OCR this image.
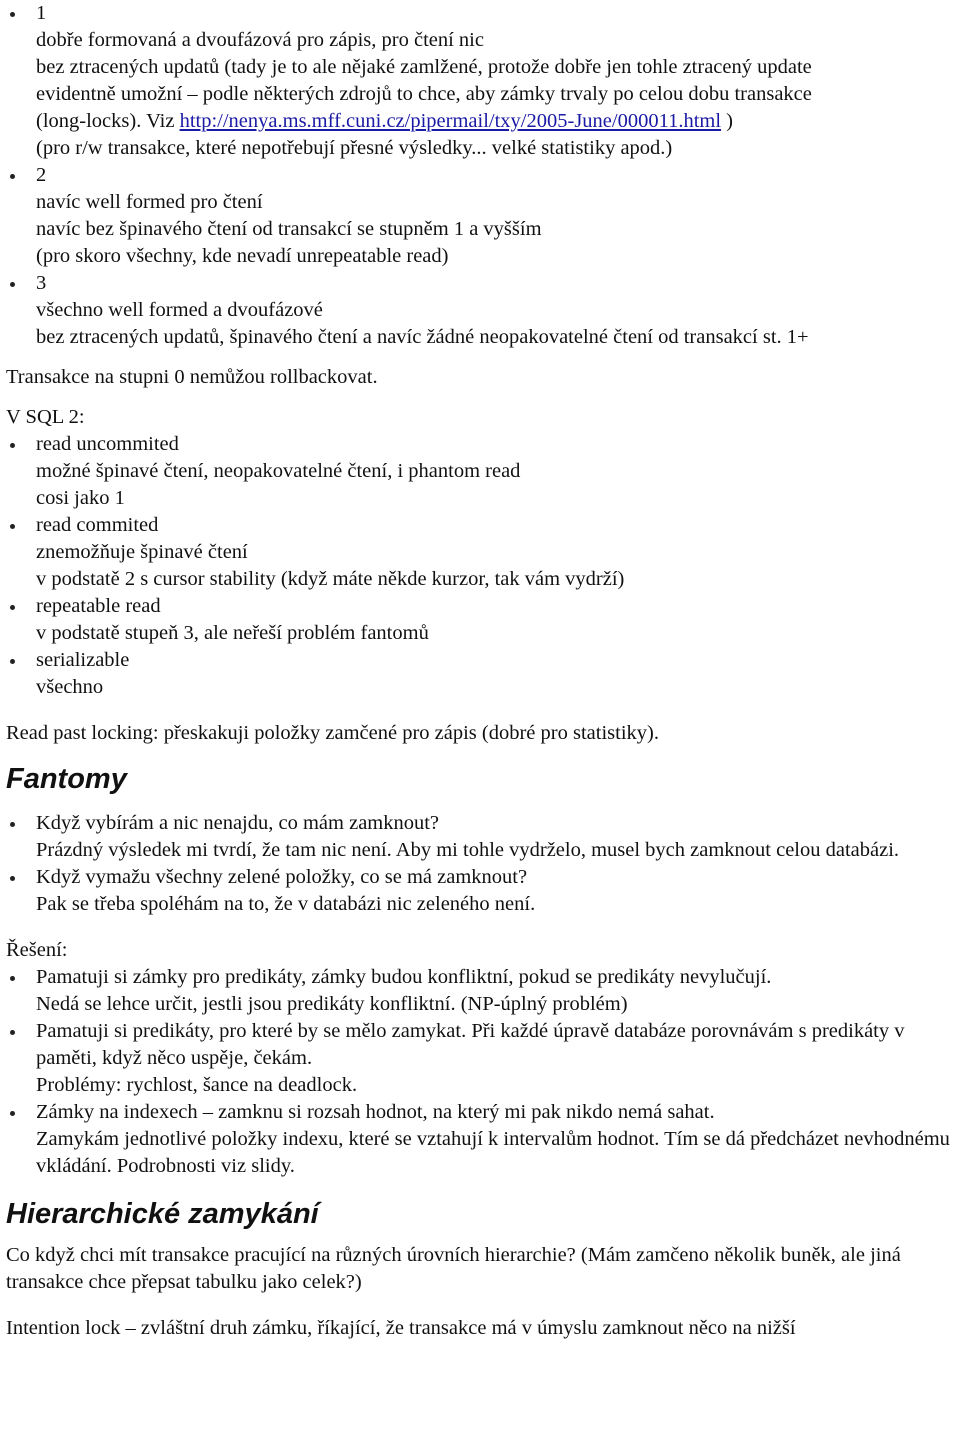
1
dobře formovaná a dvoufázová pro zápis, pro čtení nic
bez ztracených updatů (tady je to ale nějaké zamlžené, protože dobře jen tohle ztracený update
evidentně umožní – podle některých zdrojů to chce, aby zámky trvaly po celou dobu transakce
(long-locks). Viz http://nenya.ms.mff.cuni.cz/pipermail/txy/2005-June/000011.html )
(pro r/w transakce, které nepotřebují přesné výsledky... velké statistiky apod.)
2
navíc well formed pro čtení
navíc bez špinavého čtení od transakcí se stupněm 1 a vyšším
(pro skoro všechny, kde nevadí unrepeatable read)
3
všechno well formed a dvoufázové
bez ztracených updatů, špinavého čtení a navíc žádné neopakovatelné čtení od transakcí st. 1+

Transakce na stupni 0 nemůžou rollbackovat.

V SQL 2:

read uncommited
možné špinavé čtení, neopakovatelné čtení, i phantom read
cosi jako 1
read commited
znemožňuje špinavé čtení
v podstatě 2 s cursor stability (když máte někde kurzor, tak vám vydrží)
repeatable read
v podstatě stupeň 3, ale neřeší problém fantomů
serializable
všechno

Read past locking: přeskakuji položky zamčené pro zápis (dobré pro statistiky).

Fantomy
Když vybírám a nic nenajdu, co mám zamknout?
Prázdný výsledek mi tvrdí, že tam nic není. Aby mi tohle vydrželo, musel bych zamknout celou databázi.
Když vymažu všechny zelené položky, co se má zamknout?
Pak se třeba spoléhám na to, že v databázi nic zeleného není.

Řešení:

Pamatuji si zámky pro predikáty, zámky budou konfliktní, pokud se predikáty nevylučují.
Nedá se lehce určit, jestli jsou predikáty konfliktní. (NP-úplný problém)
Pamatuji si predikáty, pro které by se mělo zamykat. Při každé úpravě databáze porovnávám s predikáty v paměti, když něco uspěje, čekám.
Problémy: rychlost, šance na deadlock.
Zámky na indexech – zamknu si rozsah hodnot, na který mi pak nikdo nemá sahat.
Zamykám jednotlivé položky indexu, které se vztahují k intervalům hodnot. Tím se dá předcházet nevhodnému vkládání. Podrobnosti viz slidy.
Hierarchické zamykání

Co když chci mít transakce pracující na různých úrovních hierarchie? (Mám zamčeno několik buněk, ale jiná transakce chce přepsat tabulku jako celek?)

Intention lock – zvláštní druh zámku, říkající, že transakce má v úmyslu zamknout něco na nižší
